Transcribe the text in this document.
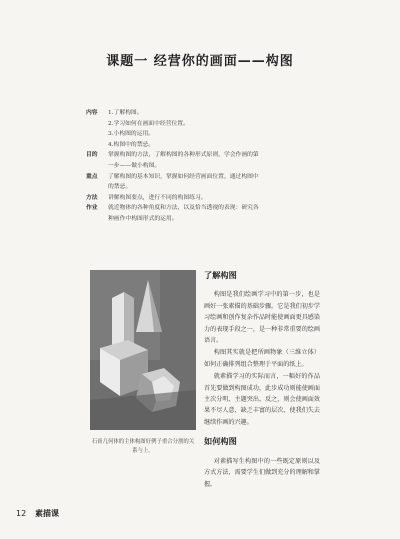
课题一 经营你的画面——构图
内容	1.了解构图。
2.学习如何在画面中经营位置。
3.小构图的运用。
4.构图中的禁忌。
目的	掌握构图的方法，了解构图的各种形式原则，学会作画的第
一步——做小构图。
重点	了解构图的基本知识，掌握如何经营画面位置，通过构图中
的禁忌。
方法	讲解构图要点，进行不同的构图练习。
作业	就近物体的各种角度和方法，以及恰当透视的表现：研究各
种画作中构图形式的运用。
石膏几何体的主体构图好例子重合分割的关系与上。
了解构图

构图是我们绘画学习中的第一步，也是画好一张素描的基础步骤。它是我们初步学习绘画和创作复杂作品时能使画面更具感染力的表现手段之一，是一种非常重要的绘画语言。

构图其实就是把所画物象（三维立体）如何正确排列组合整理于平面的纸上。

就素描学习的实际而言，一幅好的作品首先要做到构图成功，此步成功则能使画面主次分明、主题突出、反之，则会使画面效果不尽人意，缺乏丰富的层次，使我们失去继续作画的兴趣。

如何构图

对素描写生构图中的一些既定原则以及方式方法，需要学生们做到充分的理解和掌握。

12 素描课
